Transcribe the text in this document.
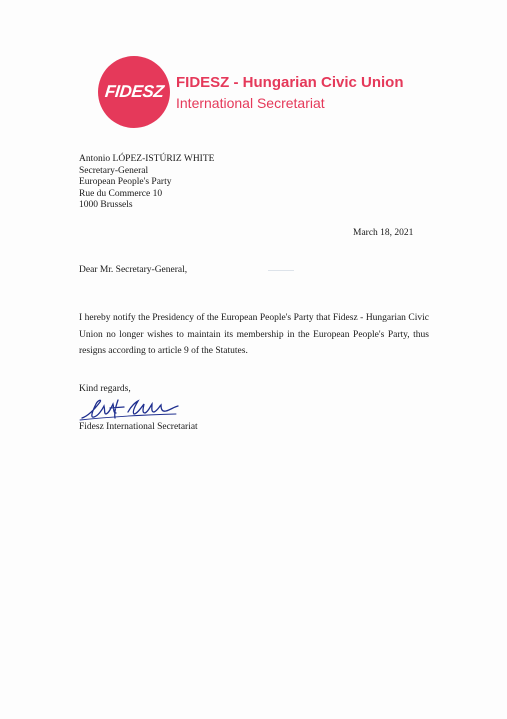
FIDESZ FIDESZ - Hungarian Civic Union
International Secretariat
Antonio LÓPEZ-ISTÚRIZ WHITE
Secretary-General
European People's Party
Rue du Commerce 10
1000 Brussels
March 18, 2021
Dear Mr. Secretary-General,
I hereby notify the Presidency of the European People's Party that Fidesz - Hungarian Civic Union no longer wishes to maintain its membership in the European People's Party, thus resigns according to article 9 of the Statutes.
Kind regards,
Fidesz International Secretariat
